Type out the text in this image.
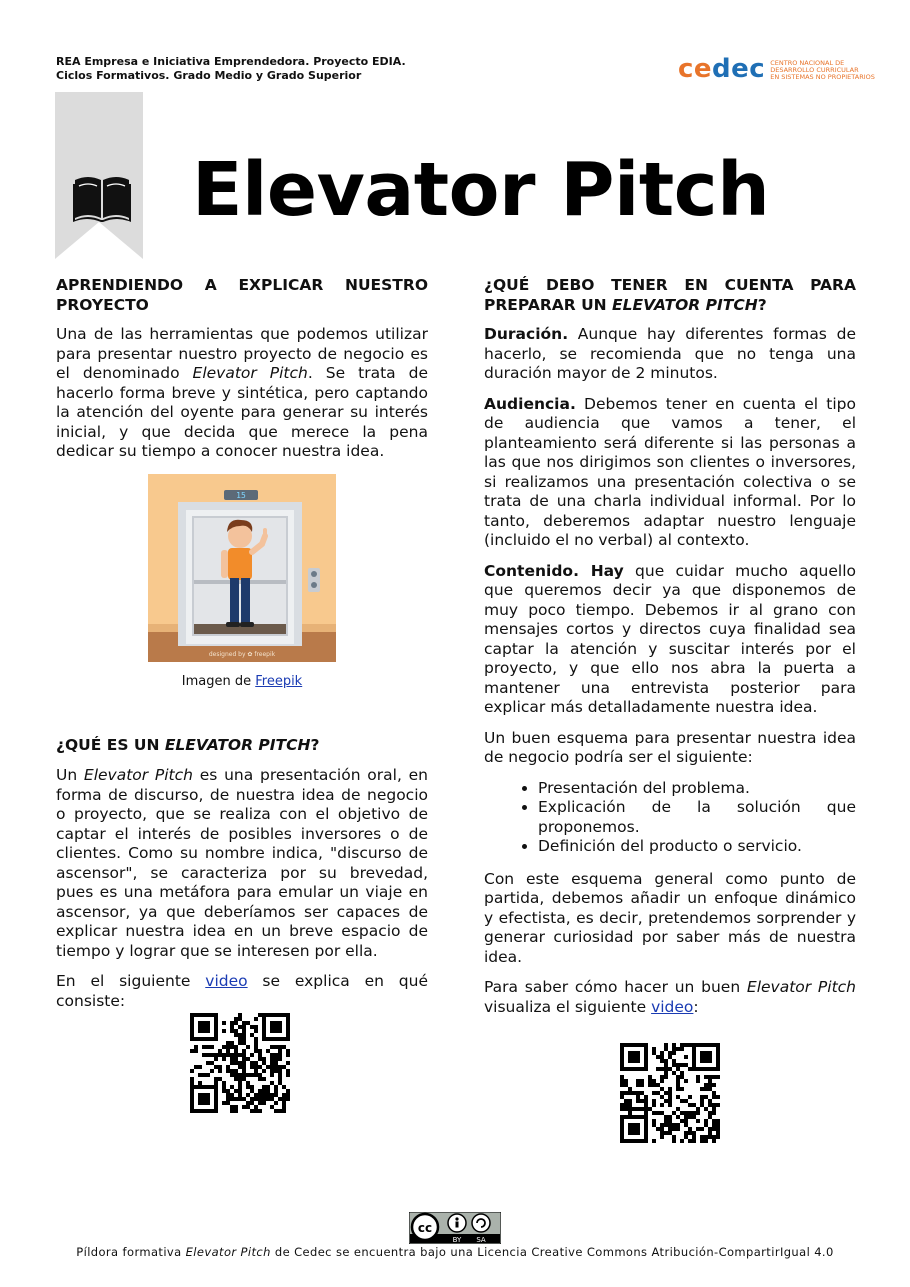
REA Empresa e Iniciativa Emprendedora. Proyecto EDIA.
Ciclos Formativos. Grado Medio y Grado Superior	cedec CENTRO NACIONAL DE
DESARROLLO CURRICULAR
EN SISTEMAS NO PROPIETARIOS
Elevator Pitch

APRENDIENDO A EXPLICAR NUESTRO PROYECTO

Una de las herramientas que podemos utilizar para presentar nuestro proyecto de negocio es el denominado Elevator Pitch. Se trata de hacerlo forma breve y sintética, pero captando la atención del oyente para generar su interés inicial, y que decida que merece la pena dedicar su tiempo a conocer nuestra idea.

15
designed by ✿ freepik
Imagen de Freepik

¿QUÉ ES UN ELEVATOR PITCH?

Un Elevator Pitch es una presentación oral, en forma de discurso, de nuestra idea de negocio o proyecto, que se realiza con el objetivo de captar el interés de posibles inversores o de clientes. Como su nombre indica, "discurso de ascensor", se caracteriza por su brevedad, pues es una metáfora para emular un viaje en ascensor, ya que deberíamos ser capaces de explicar nuestra idea en un breve espacio de tiempo y lograr que se interesen por ella.

En el siguiente video se explica en qué consiste:

¿QUÉ DEBO TENER EN CUENTA PARA PREPARAR UN ELEVATOR PITCH?

Duración. Aunque hay diferentes formas de hacerlo, se recomienda que no tenga una duración mayor de 2 minutos.

Audiencia. Debemos tener en cuenta el tipo de audiencia que vamos a tener, el planteamiento será diferente si las personas a las que nos dirigimos son clientes o inversores, si realizamos una presentación colectiva o se trata de una charla individual informal. Por lo tanto, deberemos adaptar nuestro lenguaje (incluido el no verbal) al contexto.

Contenido. Hay que cuidar mucho aquello que queremos decir ya que disponemos de muy poco tiempo. Debemos ir al grano con mensajes cortos y directos cuya finalidad sea captar la atención y suscitar interés por el proyecto, y que ello nos abra la puerta a mantener una entrevista posterior para explicar más detalladamente nuestra idea.

Un buen esquema para presentar nuestra idea de negocio podría ser el siguiente:

• Presentación del problema.
• Explicación de la solución que proponemos.
• Definición del producto o servicio.

Con este esquema general como punto de partida, debemos añadir un enfoque dinámico y efectista, es decir, pretendemos sorprender y generar curiosidad por saber más de nuestra idea.

Para saber cómo hacer un buen Elevator Pitch visualiza el siguiente video:

cc
BY SA
Píldora formativa Elevator Pitch de Cedec se encuentra bajo una Licencia Creative Commons Atribución-CompartirIgual 4.0
